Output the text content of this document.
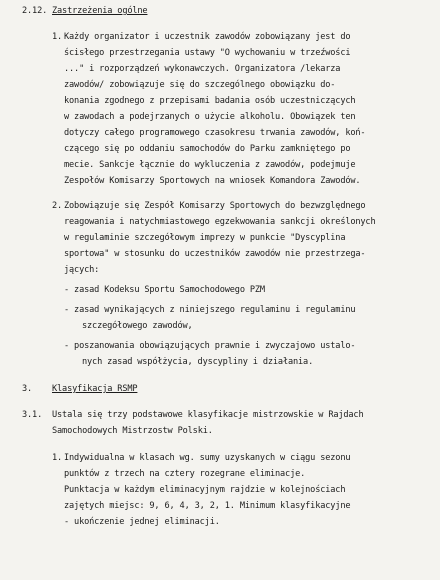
2.12. Zastrzeżenia ogólne
1. Każdy organizator i uczestnik zawodów zobowiązany jest do
ścisłego przestrzegania ustawy "O wychowaniu w trzeźwości
..." i rozporządzeń wykonawczych. Organizatora /lekarza
zawodów/ zobowiązuje się do szczególnego obowiązku do-
konania zgodnego z przepisami badania osób uczestniczących
w zawodach a podejrzanych o użycie alkoholu. Obowiązek ten
dotyczy całego programowego czasokresu trwania zawodów, koń-
czącego się po oddaniu samochodów do Parku zamkniętego po
mecie. Sankcje łącznie do wykluczenia z zawodów, podejmuje
Zespołów Komisarzy Sportowych na wniosek Komandora Zawodów.
2. Zobowiązuje się Zespół Komisarzy Sportowych do bezwzględnego
reagowania i natychmiastowego egzekwowania sankcji określonych
w regulaminie szczegółowym imprezy w punkcie "Dyscyplina
sportowa" w stosunku do uczestników zawodów nie przestrzega-
jących:
- zasad Kodeksu Sportu Samochodowego PZM
- zasad wynikających z niniejszego regulaminu i regulaminu
szczegółowego zawodów,
- poszanowania obowiązujących prawnie i zwyczajowo ustalo-
nych zasad współżycia, dyscypliny i działania.
3. Klasyfikacja RSMP
3.1. Ustala się trzy podstawowe klasyfikacje mistrzowskie w Rajdach
Samochodowych Mistrzostw Polski.
1. Indywidualna w klasach wg. sumy uzyskanych w ciągu sezonu
punktów z trzech na cztery rozegrane eliminacje.
Punktacja w każdym eliminacyjnym rajdzie w kolejnościach
zajętych miejsc: 9, 6, 4, 3, 2, 1. Minimum klasyfikacyjne
- ukończenie jednej eliminacji.
